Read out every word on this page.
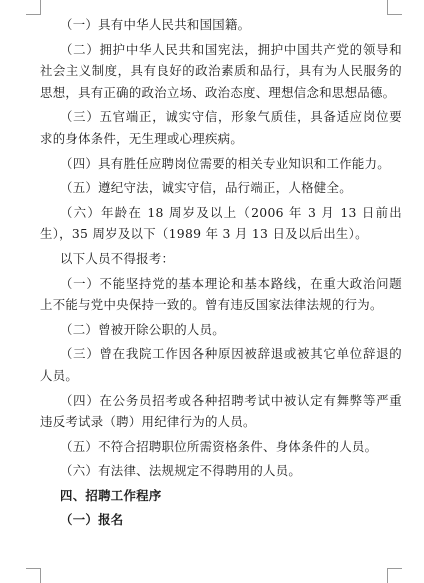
（一）具有中华人民共和国国籍。

（二）拥护中华人民共和国宪法，拥护中国共产党的领导和社会主义制度，具有良好的政治素质和品行，具有为人民服务的思想，具有正确的政治立场、政治态度、理想信念和思想品德。

（三）五官端正，诚实守信，形象气质佳，具备适应岗位要求的身体条件，无生理或心理疾病。

（四）具有胜任应聘岗位需要的相关专业知识和工作能力。

（五）遵纪守法，诚实守信，品行端正，人格健全。

（六）年龄在 18 周岁及以上（2006 年 3 月 13 日前出生），35 周岁及以下（1989 年 3 月 13 日及以后出生）。

以下人员不得报考：

（一）不能坚持党的基本理论和基本路线，在重大政治问题上不能与党中央保持一致的。曾有违反国家法律法规的行为。

（二）曾被开除公职的人员。

（三）曾在我院工作因各种原因被辞退或被其它单位辞退的人员。

（四）在公务员招考或各种招聘考试中被认定有舞弊等严重违反考试录（聘）用纪律行为的人员。

（五）不符合招聘职位所需资格条件、身体条件的人员。

（六）有法律、法规规定不得聘用的人员。

四、招聘工作程序

（一）报名
